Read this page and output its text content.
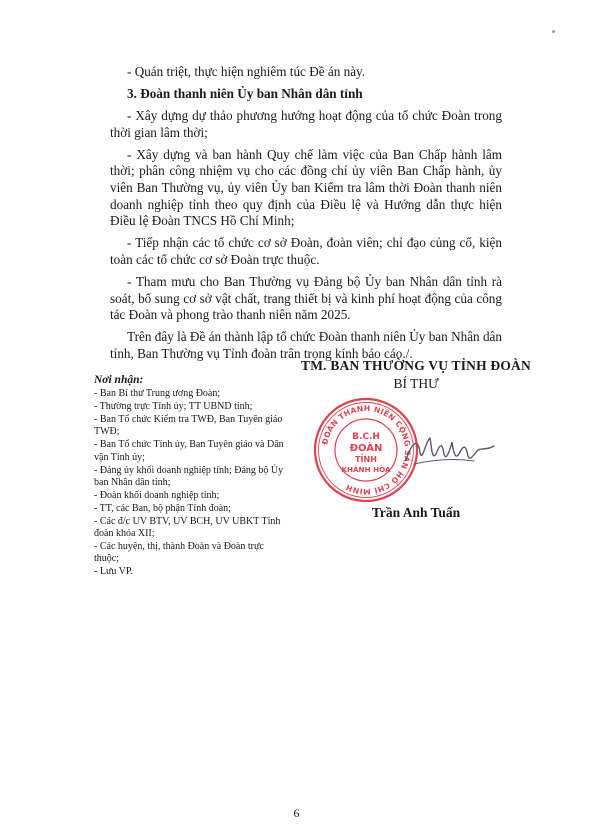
- Quán triệt, thực hiện nghiêm túc Đề án này.

3. Đoàn thanh niên Ủy ban Nhân dân tỉnh

- Xây dựng dự thảo phương hướng hoạt động của tổ chức Đoàn trong thời gian lâm thời;

- Xây dựng và ban hành Quy chế làm việc của Ban Chấp hành lâm thời; phân công nhiệm vụ cho các đồng chí ủy viên Ban Chấp hành, ủy viên Ban Thường vụ, ủy viên Ủy ban Kiểm tra lâm thời Đoàn thanh niên doanh nghiệp tỉnh theo quy định của Điều lệ và Hướng dẫn thực hiện Điều lệ Đoàn TNCS Hồ Chí Minh;

- Tiếp nhận các tổ chức cơ sở Đoàn, đoàn viên; chỉ đạo củng cố, kiện toàn các tổ chức cơ sở Đoàn trực thuộc.

- Tham mưu cho Ban Thường vụ Đảng bộ Ủy ban Nhân dân tỉnh rà soát, bổ sung cơ sở vật chất, trang thiết bị và kinh phí hoạt động của công tác Đoàn và phong trào thanh niên năm 2025.

Trên đây là Đề án thành lập tổ chức Đoàn thanh niên Ủy ban Nhân dân tỉnh, Ban Thường vụ Tỉnh đoàn trân trọng kính báo cáo./.

TM. BAN THƯỜNG VỤ TỈNH ĐOÀN
BÍ THƯ
ĐOÀN THANH NIÊN CỘNG SẢN HỒ CHÍ MINH
B.C.H
ĐOÀN
TỈNH
KHÁNH HÒA
Trần Anh Tuấn
Nơi nhận:
- Ban Bí thư Trung ương Đoàn;
- Thường trực Tỉnh ủy; TT UBND tỉnh;
- Ban Tổ chức Kiểm tra TWĐ, Ban Tuyên giáo TWĐ;
- Ban Tổ chức Tỉnh ủy, Ban Tuyên giáo và Dân vận Tỉnh ủy;
- Đảng ủy khối doanh nghiệp tỉnh; Đảng bộ Ủy ban Nhân dân tỉnh;
- Đoàn khối doanh nghiệp tỉnh;
- TT, các Ban, bộ phận Tỉnh đoàn;
- Các đ/c UV BTV, UV BCH, UV UBKT Tỉnh đoàn khóa XII;
- Các huyện, thị, thành Đoàn và Đoàn trực thuộc;
- Lưu VP.
6
